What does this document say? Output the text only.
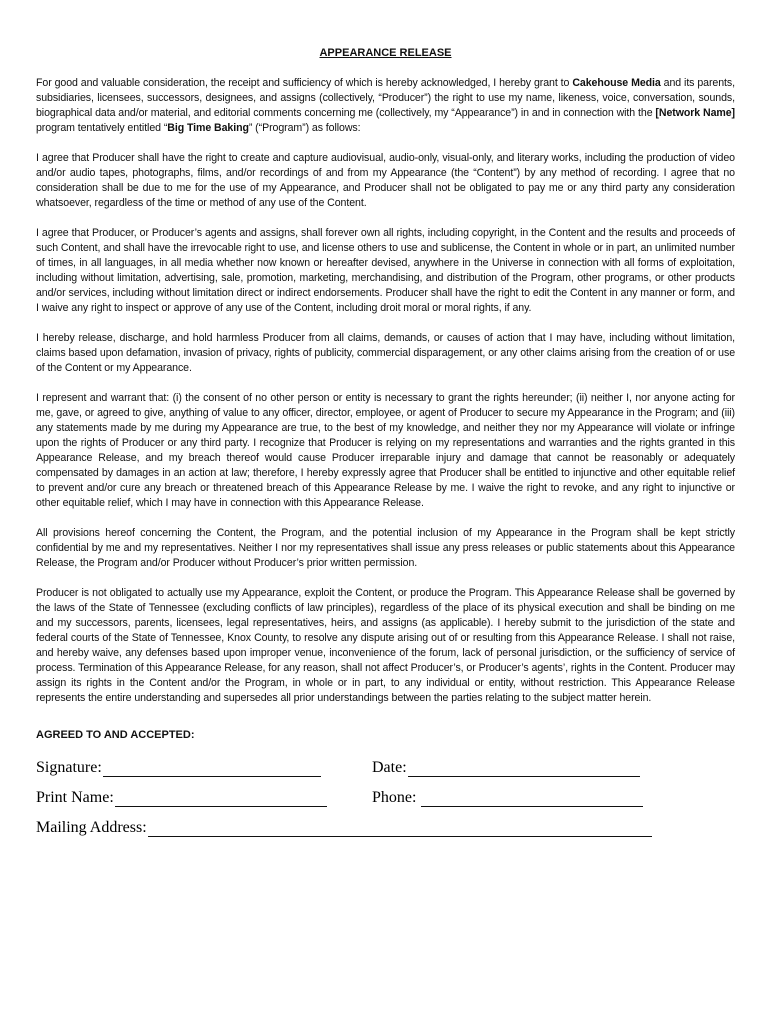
APPEARANCE RELEASE

For good and valuable consideration, the receipt and sufficiency of which is hereby acknowledged, I hereby grant to Cakehouse Media and its parents, subsidiaries, licensees, successors, designees, and assigns (collectively, “Producer”) the right to use my name, likeness, voice, conversation, sounds, biographical data and/or material, and editorial comments concerning me (collectively, my “Appearance”) in and in connection with the [Network Name] program tentatively entitled “Big Time Baking” (“Program”) as follows:

I agree that Producer shall have the right to create and capture audiovisual, audio-only, visual-only, and literary works, including the production of video and/or audio tapes, photographs, films, and/or recordings of and from my Appearance (the “Content”) by any method of recording. I agree that no consideration shall be due to me for the use of my Appearance, and Producer shall not be obligated to pay me or any third party any consideration whatsoever, regardless of the time or method of any use of the Content.

I agree that Producer, or Producer’s agents and assigns, shall forever own all rights, including copyright, in the Content and the results and proceeds of such Content, and shall have the irrevocable right to use, and license others to use and sublicense, the Content in whole or in part, an unlimited number of times, in all languages, in all media whether now known or hereafter devised, anywhere in the Universe in connection with all forms of exploitation, including without limitation, advertising, sale, promotion, marketing, merchandising, and distribution of the Program, other programs, or other products and/or services, including without limitation direct or indirect endorsements. Producer shall have the right to edit the Content in any manner or form, and I waive any right to inspect or approve of any use of the Content, including droit moral or moral rights, if any.

I hereby release, discharge, and hold harmless Producer from all claims, demands, or causes of action that I may have, including without limitation, claims based upon defamation, invasion of privacy, rights of publicity, commercial disparagement, or any other claims arising from the creation of or use of the Content or my Appearance.

I represent and warrant that: (i) the consent of no other person or entity is necessary to grant the rights hereunder; (ii) neither I, nor anyone acting for me, gave, or agreed to give, anything of value to any officer, director, employee, or agent of Producer to secure my Appearance in the Program; and (iii) any statements made by me during my Appearance are true, to the best of my knowledge, and neither they nor my Appearance will violate or infringe upon the rights of Producer or any third party. I recognize that Producer is relying on my representations and warranties and the rights granted in this Appearance Release, and my breach thereof would cause Producer irreparable injury and damage that cannot be reasonably or adequately compensated by damages in an action at law; therefore, I hereby expressly agree that Producer shall be entitled to injunctive and other equitable relief to prevent and/or cure any breach or threatened breach of this Appearance Release by me. I waive the right to revoke, and any right to injunctive or other equitable relief, which I may have in connection with this Appearance Release.

All provisions hereof concerning the Content, the Program, and the potential inclusion of my Appearance in the Program shall be kept strictly confidential by me and my representatives. Neither I nor my representatives shall issue any press releases or public statements about this Appearance Release, the Program and/or Producer without Producer’s prior written permission.

Producer is not obligated to actually use my Appearance, exploit the Content, or produce the Program. This Appearance Release shall be governed by the laws of the State of Tennessee (excluding conflicts of law principles), regardless of the place of its physical execution and shall be binding on me and my successors, parents, licensees, legal representatives, heirs, and assigns (as applicable). I hereby submit to the jurisdiction of the state and federal courts of the State of Tennessee, Knox County, to resolve any dispute arising out of or resulting from this Appearance Release. I shall not raise, and hereby waive, any defenses based upon improper venue, inconvenience of the forum, lack of personal jurisdiction, or the sufficiency of service of process. Termination of this Appearance Release, for any reason, shall not affect Producer’s, or Producer’s agents’, rights in the Content. Producer may assign its rights in the Content and/or the Program, in whole or in part, to any individual or entity, without restriction. This Appearance Release represents the entire understanding and supersedes all prior understandings between the parties relating to the subject matter herein.

AGREED TO AND ACCEPTED:
Signature:	Date:
Print Name:	Phone:
Mailing Address:
